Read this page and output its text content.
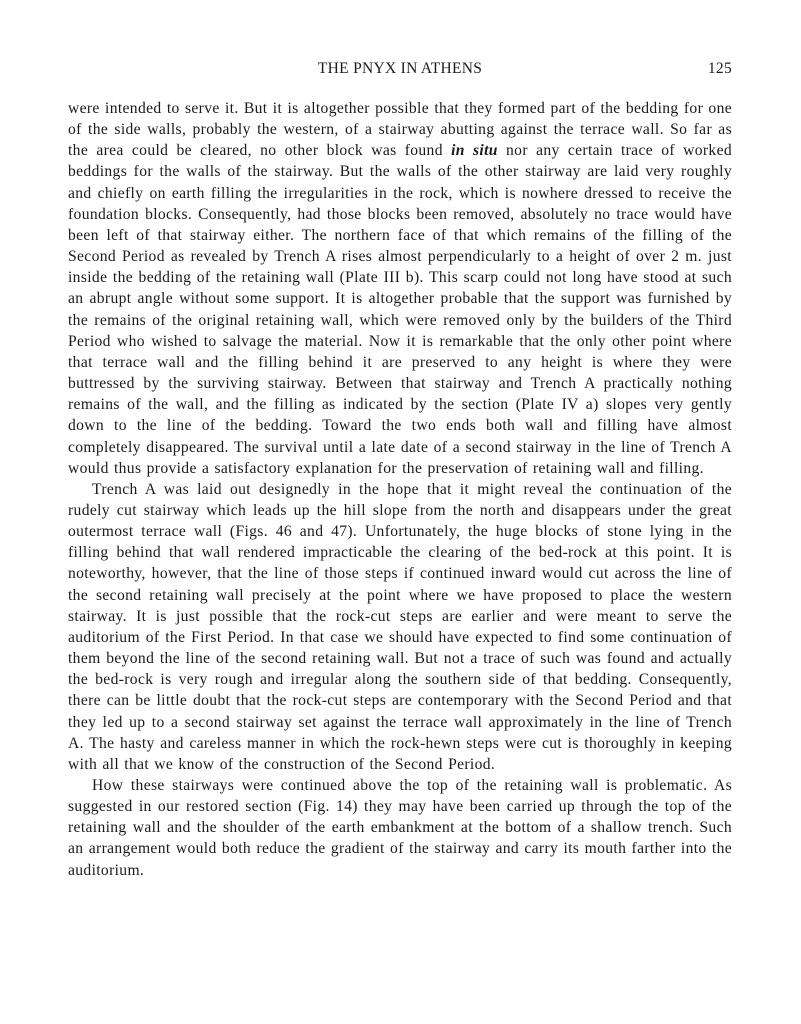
THE PNYX IN ATHENS	125

were intended to serve it. But it is altogether possible that they formed part of the bedding for one of the side walls, probably the western, of a stairway abutting against the terrace wall. So far as the area could be cleared, no other block was found in situ nor any certain trace of worked beddings for the walls of the stairway. But the walls of the other stairway are laid very roughly and chiefly on earth filling the irregularities in the rock, which is nowhere dressed to receive the foundation blocks. Consequently, had those blocks been removed, absolutely no trace would have been left of that stairway either. The northern face of that which remains of the filling of the Second Period as revealed by Trench A rises almost perpendicularly to a height of over 2 m. just inside the bedding of the retaining wall (Plate III b). This scarp could not long have stood at such an abrupt angle without some support. It is altogether probable that the support was furnished by the remains of the original retaining wall, which were removed only by the builders of the Third Period who wished to salvage the material. Now it is remarkable that the only other point where that terrace wall and the filling behind it are preserved to any height is where they were buttressed by the surviving stairway. Between that stairway and Trench A practically nothing remains of the wall, and the filling as indicated by the section (Plate IV a) slopes very gently down to the line of the bedding. Toward the two ends both wall and filling have almost completely disappeared. The survival until a late date of a second stairway in the line of Trench A would thus provide a satisfactory explanation for the preservation of retaining wall and filling.

Trench A was laid out designedly in the hope that it might reveal the continuation of the rudely cut stairway which leads up the hill slope from the north and disappears under the great outermost terrace wall (Figs. 46 and 47). Unfortunately, the huge blocks of stone lying in the filling behind that wall rendered impracticable the clearing of the bed-rock at this point. It is noteworthy, however, that the line of those steps if continued inward would cut across the line of the second retaining wall precisely at the point where we have proposed to place the western stairway. It is just possible that the rock-cut steps are earlier and were meant to serve the auditorium of the First Period. In that case we should have expected to find some continuation of them beyond the line of the second retaining wall. But not a trace of such was found and actually the bed-rock is very rough and irregular along the southern side of that bedding. Consequently, there can be little doubt that the rock-cut steps are contemporary with the Second Period and that they led up to a second stairway set against the terrace wall approximately in the line of Trench A. The hasty and careless manner in which the rock-hewn steps were cut is thoroughly in keeping with all that we know of the construction of the Second Period.

How these stairways were continued above the top of the retaining wall is problematic. As suggested in our restored section (Fig. 14) they may have been carried up through the top of the retaining wall and the shoulder of the earth embankment at the bottom of a shallow trench. Such an arrangement would both reduce the gradient of the stairway and carry its mouth farther into the auditorium.
